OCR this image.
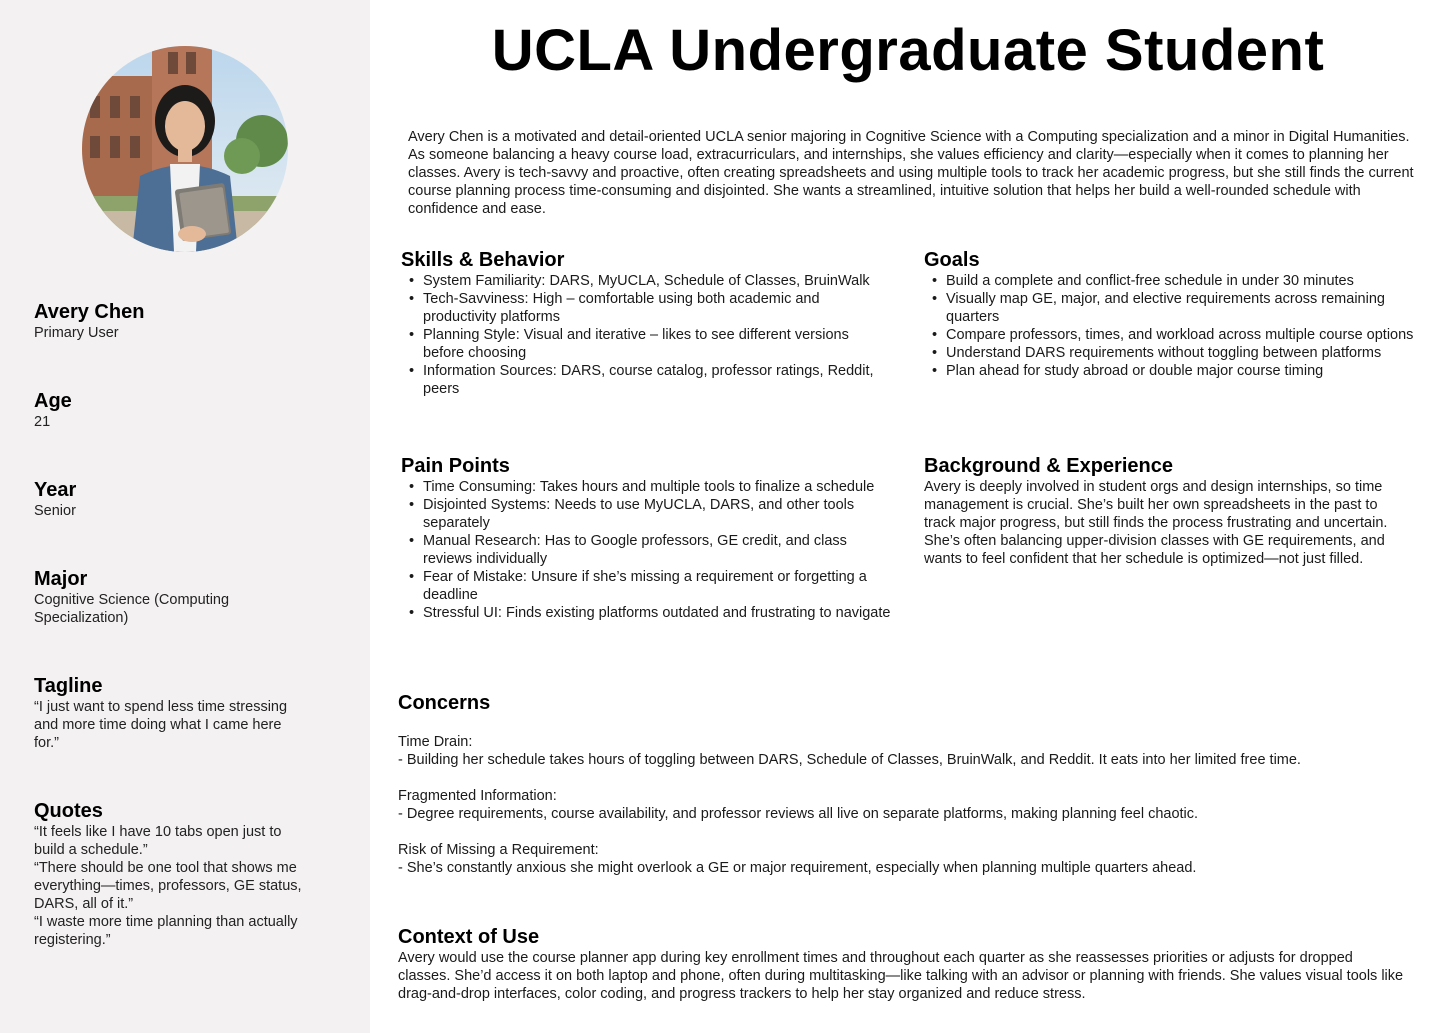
Avery Chen
Primary User
Age
21
Year
Senior
Major
Cognitive Science (Computing Specialization)
Tagline
“I just want to spend less time stressing and more time doing what I came here for.”
Quotes
“It feels like I have 10 tabs open just to build a schedule.”
“There should be one tool that shows me everything—times, professors, GE status, DARS, all of it.”
“I waste more time planning than actually registering.”
UCLA Undergraduate Student
Avery Chen is a motivated and detail-oriented UCLA senior majoring in Cognitive Science with a Computing specialization and a minor in Digital Humanities. As someone balancing a heavy course load, extracurriculars, and internships, she values efficiency and clarity—especially when it comes to planning her classes. Avery is tech-savvy and proactive, often creating spreadsheets and using multiple tools to track her academic progress, but she still finds the current course planning process time-consuming and disjointed. She wants a streamlined, intuitive solution that helps her build a well-rounded schedule with confidence and ease.
Skills & Behavior
• System Familiarity: DARS, MyUCLA, Schedule of Classes, BruinWalk
• Tech-Savviness: High – comfortable using both academic and productivity platforms
• Planning Style: Visual and iterative – likes to see different versions before choosing
• Information Sources: DARS, course catalog, professor ratings, Reddit, peers
Goals
• Build a complete and conflict-free schedule in under 30 minutes
• Visually map GE, major, and elective requirements across remaining quarters
• Compare professors, times, and workload across multiple course options
• Understand DARS requirements without toggling between platforms
• Plan ahead for study abroad or double major course timing
Pain Points
• Time Consuming: Takes hours and multiple tools to finalize a schedule
• Disjointed Systems: Needs to use MyUCLA, DARS, and other tools separately
• Manual Research: Has to Google professors, GE credit, and class reviews individually
• Fear of Mistake: Unsure if she’s missing a requirement or forgetting a deadline
• Stressful UI: Finds existing platforms outdated and frustrating to navigate
Background & Experience
Avery is deeply involved in student orgs and design internships, so time management is crucial. She’s built her own spreadsheets in the past to track major progress, but still finds the process frustrating and uncertain. She’s often balancing upper-division classes with GE requirements, and wants to feel confident that her schedule is optimized—not just filled.
Concerns
Time Drain:
- Building her schedule takes hours of toggling between DARS, Schedule of Classes, BruinWalk, and Reddit. It eats into her limited free time.
Fragmented Information:
- Degree requirements, course availability, and professor reviews all live on separate platforms, making planning feel chaotic.
Risk of Missing a Requirement:
- She’s constantly anxious she might overlook a GE or major requirement, especially when planning multiple quarters ahead.
Context of Use
Avery would use the course planner app during key enrollment times and throughout each quarter as she reassesses priorities or adjusts for dropped classes. She’d access it on both laptop and phone, often during multitasking—like talking with an advisor or planning with friends. She values visual tools like drag-and-drop interfaces, color coding, and progress trackers to help her stay organized and reduce stress.
